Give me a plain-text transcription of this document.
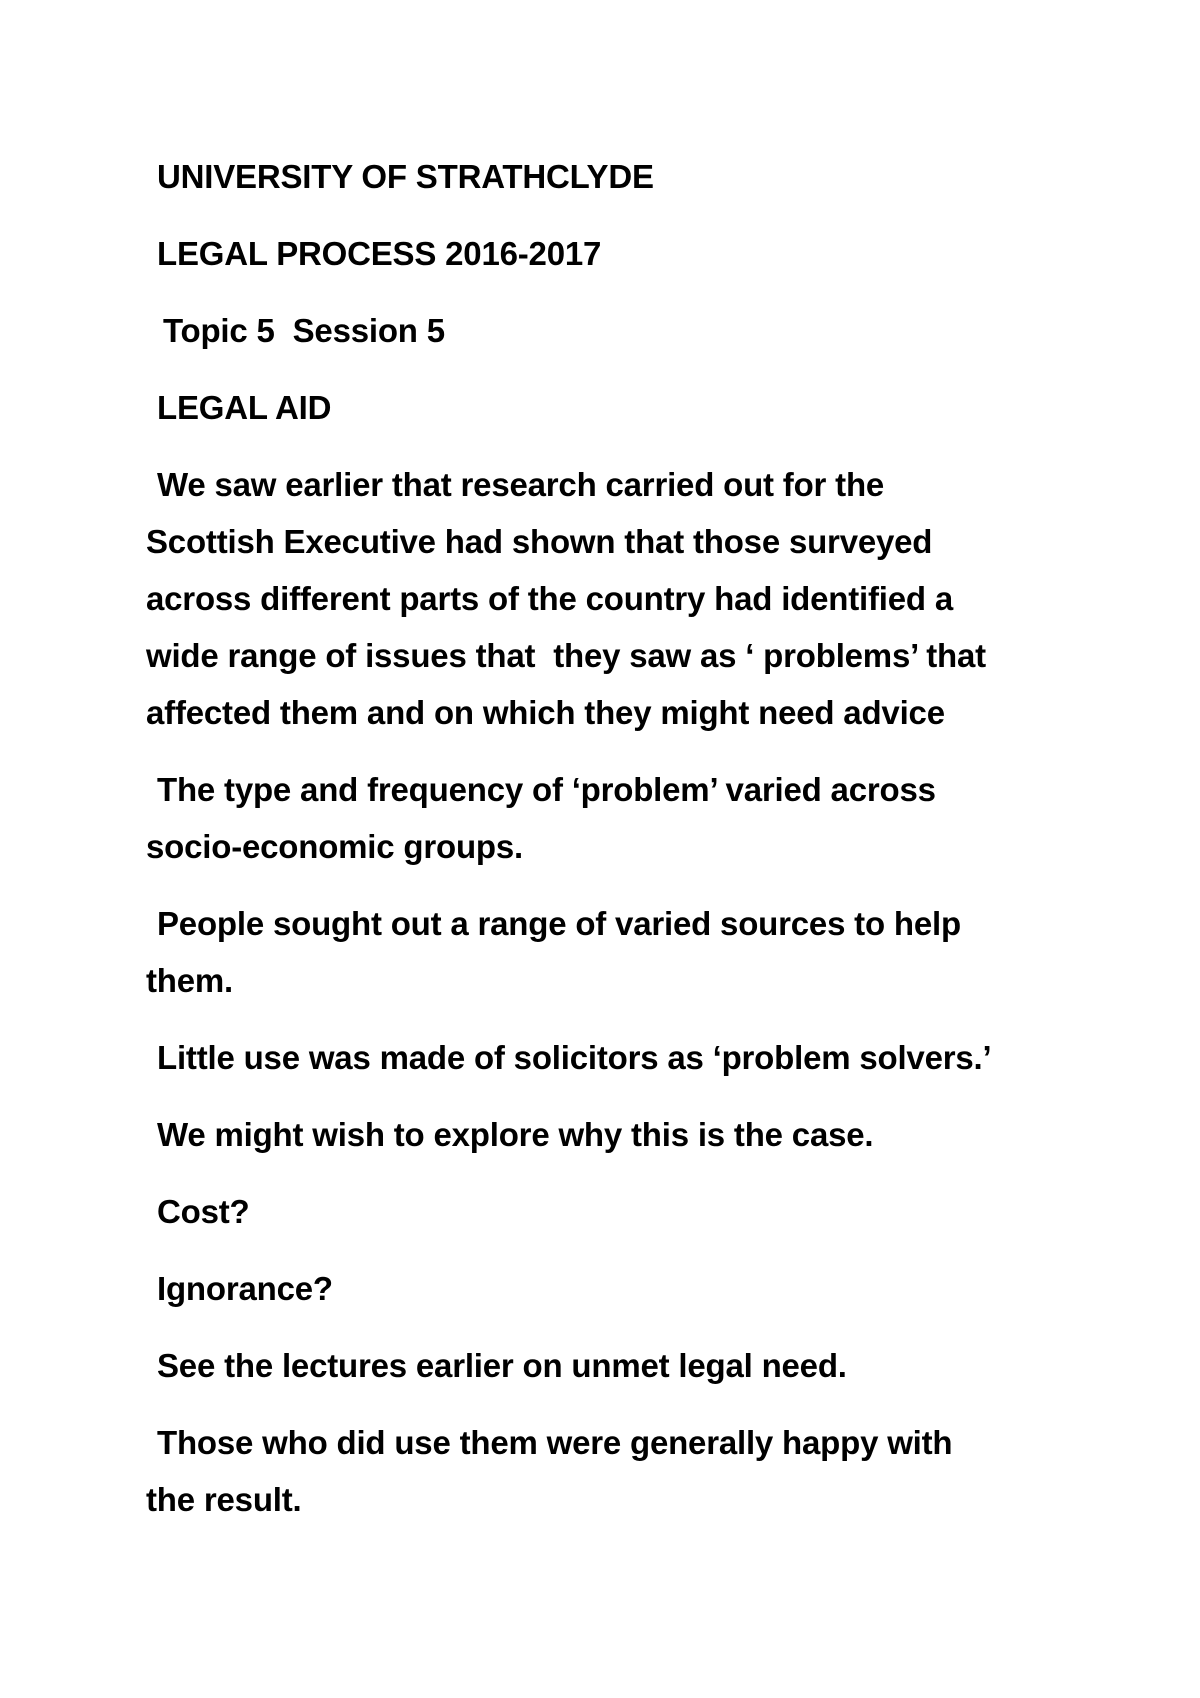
UNIVERSITY OF STRATHCLYDE
LEGAL PROCESS 2016-2017
Topic 5  Session 5
LEGAL AID
We saw earlier that research carried out for the
Scottish Executive had shown that those surveyed
across different parts of the country had identified a
wide range of issues that  they saw as ‘ problems’ that
affected them and on which they might need advice
The type and frequency of ‘problem’ varied across
socio-economic groups.
People sought out a range of varied sources to help
them.
Little use was made of solicitors as ‘problem solvers.’
We might wish to explore why this is the case.
Cost?
Ignorance?
See the lectures earlier on unmet legal need.
Those who did use them were generally happy with
the result.
